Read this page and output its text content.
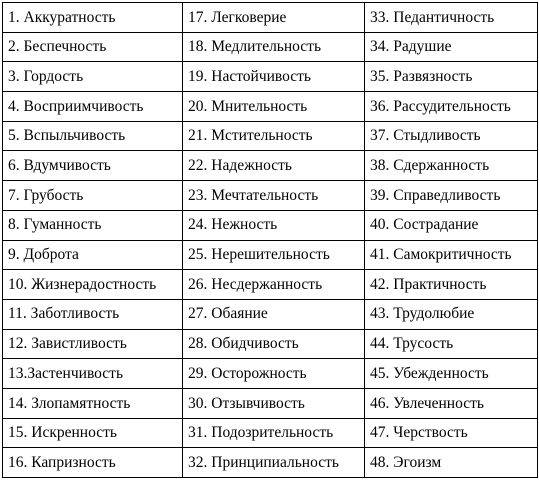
1. Аккуратность	17. Легковерие	33. Педантичность
2. Беспечность	18. Медлительность	34. Радушие
3. Гордость	19. Настойчивость	35. Развязность
4. Восприимчивость	20. Мнительность	36. Рассудительность
5. Вспыльчивость	21. Мстительность	37. Стыдливость
6. Вдумчивость	22. Надежность	38. Сдержанность
7. Грубость	23. Мечтательность	39. Справедливость
8. Гуманность	24. Нежность	40. Сострадание
9. Доброта	25. Нерешительность	41. Самокритичность
10. Жизнерадостность	26. Несдержанность	42. Практичность
11. Заботливость	27. Обаяние	43. Трудолюбие
12. Завистливость	28. Обидчивость	44. Трусость
13.Застенчивость	29. Осторожность	45. Убежденность
14. Злопамятность	30. Отзывчивость	46. Увлеченность
15. Искренность	31. Подозрительность	47. Черствость
16. Капризность	32. Принципиальность	48. Эгоизм
